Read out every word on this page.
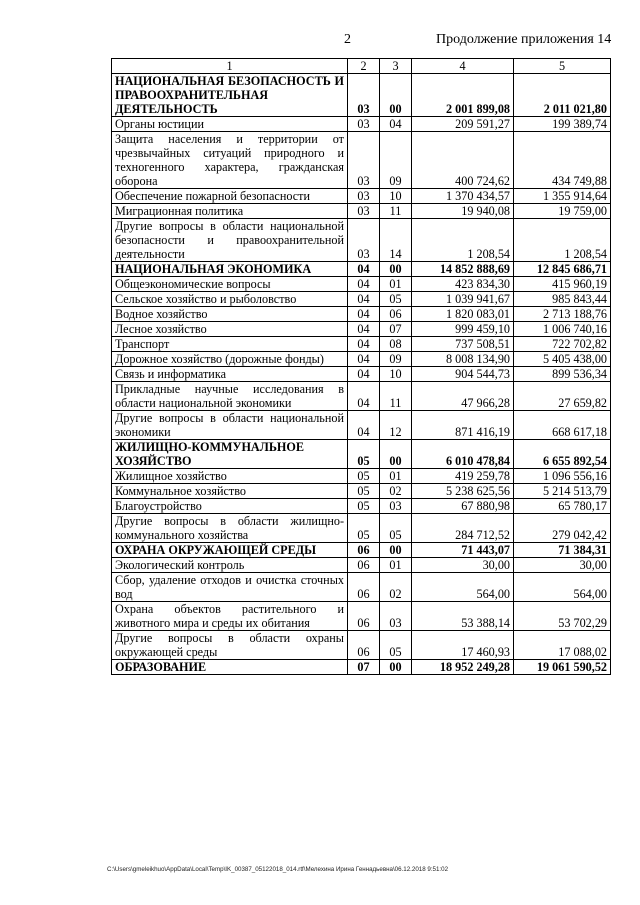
2	Продолжение приложения 14
1	2	3	4	5
НАЦИОНАЛЬНАЯ БЕЗОПАСНОСТЬ И ПРАВООХРАНИТЕЛЬНАЯ ДЕЯТЕЛЬНОСТЬ	03	00	2 001 899,08	2 011 021,80
Органы юстиции	03	04	209 591,27	199 389,74
Защита населения и территории от чрезвычайных ситуаций природного и техногенного характера, гражданская оборона	03	09	400 724,62	434 749,88
Обеспечение пожарной безопасности	03	10	1 370 434,57	1 355 914,64
Миграционная политика	03	11	19 940,08	19 759,00
Другие вопросы в области национальной безопасности и правоохранительной деятельности	03	14	1 208,54	1 208,54
НАЦИОНАЛЬНАЯ ЭКОНОМИКА	04	00	14 852 888,69	12 845 686,71
Общеэкономические вопросы	04	01	423 834,30	415 960,19
Сельское хозяйство и рыболовство	04	05	1 039 941,67	985 843,44
Водное хозяйство	04	06	1 820 083,01	2 713 188,76
Лесное хозяйство	04	07	999 459,10	1 006 740,16
Транспорт	04	08	737 508,51	722 702,82
Дорожное хозяйство (дорожные фонды)	04	09	8 008 134,90	5 405 438,00
Связь и информатика	04	10	904 544,73	899 536,34
Прикладные научные исследования в области национальной экономики	04	11	47 966,28	27 659,82
Другие вопросы в области национальной экономики	04	12	871 416,19	668 617,18
ЖИЛИЩНО-КОММУНАЛЬНОЕ ХОЗЯЙСТВО	05	00	6 010 478,84	6 655 892,54
Жилищное хозяйство	05	01	419 259,78	1 096 556,16
Коммунальное хозяйство	05	02	5 238 625,56	5 214 513,79
Благоустройство	05	03	67 880,98	65 780,17
Другие вопросы в области жилищно-коммунального хозяйства	05	05	284 712,52	279 042,42
ОХРАНА ОКРУЖАЮЩЕЙ СРЕДЫ	06	00	71 443,07	71 384,31
Экологический контроль	06	01	30,00	30,00
Сбор, удаление отходов и очистка сточных вод	06	02	564,00	564,00
Охрана объектов растительного и животного мира и среды их обитания	06	03	53 388,14	53 702,29
Другие вопросы в области охраны окружающей среды	06	05	17 460,93	17 088,02
ОБРАЗОВАНИЕ	07	00	18 952 249,28	19 061 590,52
C:\Users\gmeleikhuo\AppData\Local\Temp\IK_00387_05122018_014.rtf\Мелехина Ирина Геннадьевна\06.12.2018 9:51:02
